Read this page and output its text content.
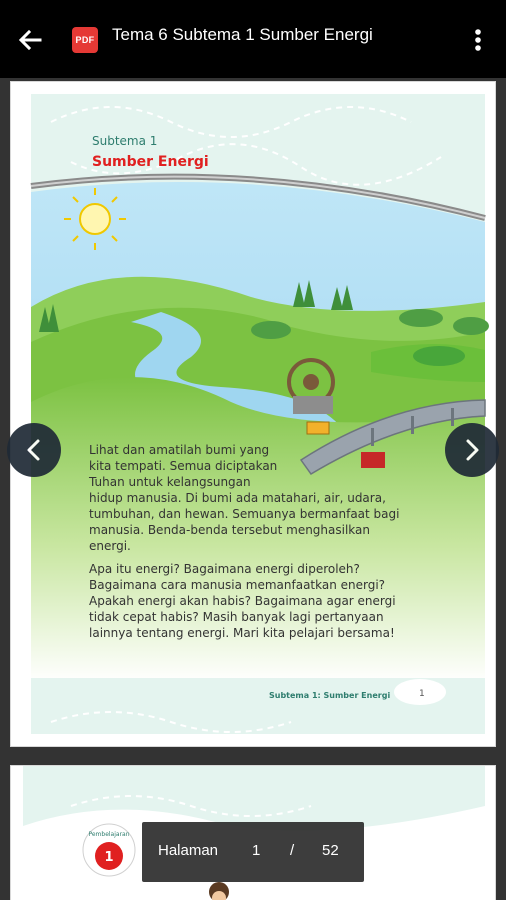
PDF Tema 6 Subtema 1 Sumber Energi
Subtema 1
Sumber Energi
Lihat dan amatilah bumi yang
kita tempati. Semua diciptakan
Tuhan untuk kelangsungan
hidup manusia. Di bumi ada matahari, air, udara,
tumbuhan, dan hewan. Semuanya bermanfaat bagi
manusia. Benda-benda tersebut menghasilkan
energi.
Apa itu energi? Bagaimana energi diperoleh?
Bagaimana cara manusia memanfaatkan energi?
Apakah energi akan habis? Bagaimana agar energi
tidak cepat habis? Masih banyak lagi pertanyaan
lainnya tentang energi. Mari kita pelajari bersama!
Subtema 1: Sumber Energi	1
1
Pembelajaran
Halaman 1 / 52
